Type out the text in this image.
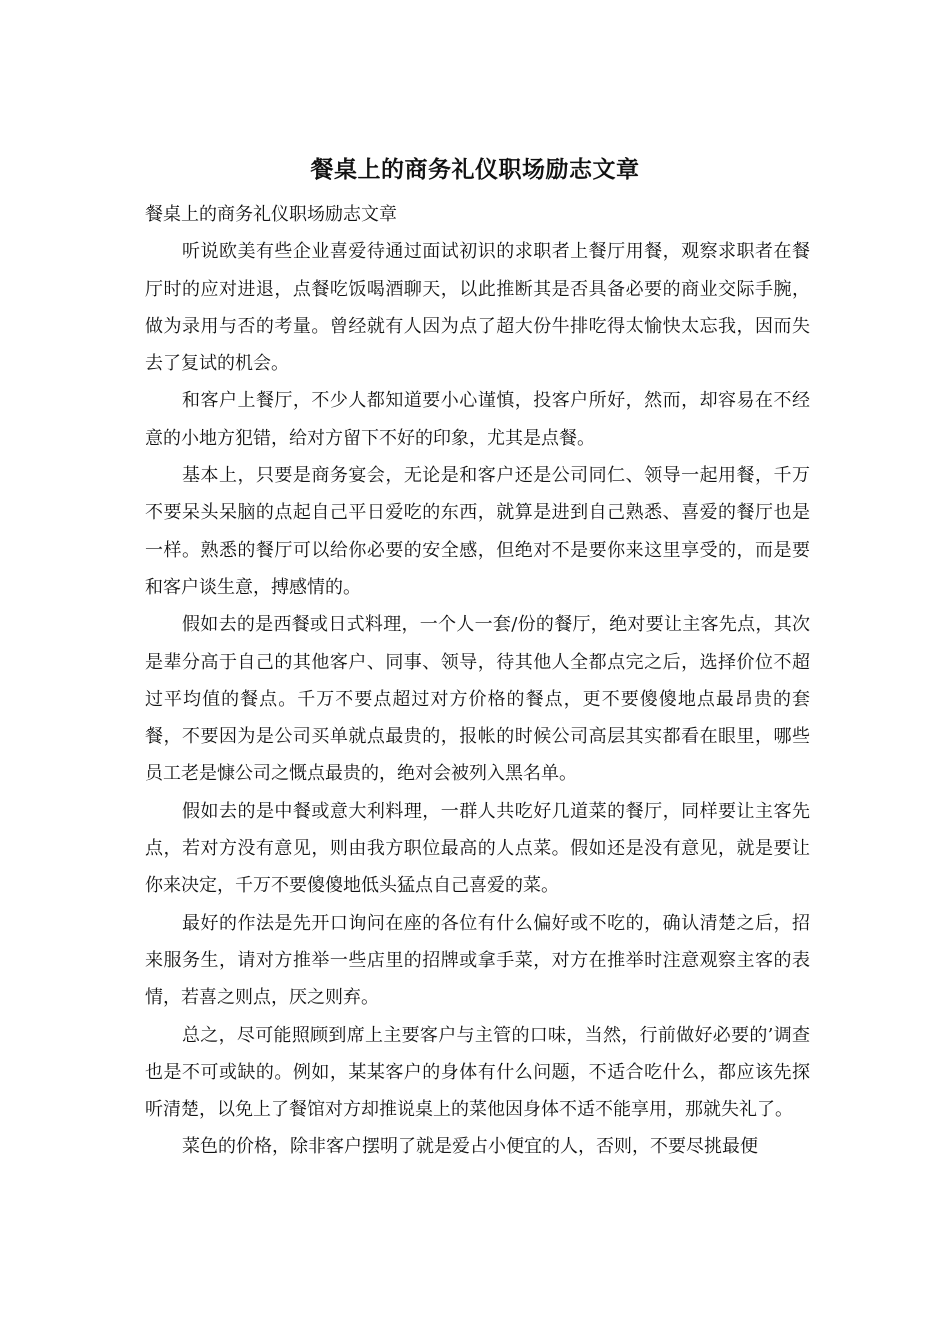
餐桌上的商务礼仪职场励志文章

餐桌上的商务礼仪职场励志文章

听说欧美有些企业喜爱待通过面试初识的求职者上餐厅用餐，观察求职者在餐厅时的应对进退，点餐吃饭喝酒聊天，以此推断其是否具备必要的商业交际手腕，做为录用与否的考量。曾经就有人因为点了超大份牛排吃得太愉快太忘我，因而失去了复试的机会。

和客户上餐厅，不少人都知道要小心谨慎，投客户所好，然而，却容易在不经意的小地方犯错，给对方留下不好的印象，尤其是点餐。

基本上，只要是商务宴会，无论是和客户还是公司同仁、领导一起用餐，千万不要呆头呆脑的点起自己平日爱吃的东西，就算是进到自己熟悉、喜爱的餐厅也是一样。熟悉的餐厅可以给你必要的安全感，但绝对不是要你来这里享受的，而是要和客户谈生意，搏感情的。

假如去的是西餐或日式料理，一个人一套/份的餐厅，绝对要让主客先点，其次是辈分高于自己的其他客户、同事、领导，待其他人全都点完之后，选择价位不超过平均值的餐点。千万不要点超过对方价格的餐点，更不要傻傻地点最昂贵的套餐，不要因为是公司买单就点最贵的，报帐的时候公司高层其实都看在眼里，哪些员工老是慷公司之慨点最贵的，绝对会被列入黑名单。

假如去的是中餐或意大利料理，一群人共吃好几道菜的餐厅，同样要让主客先点，若对方没有意见，则由我方职位最高的人点菜。假如还是没有意见，就是要让你来决定，千万不要傻傻地低头猛点自己喜爱的菜。

最好的作法是先开口询问在座的各位有什么偏好或不吃的，确认清楚之后，招来服务生，请对方推举一些店里的招牌或拿手菜，对方在推举时注意观察主客的表情，若喜之则点，厌之则弃。

总之，尽可能照顾到席上主要客户与主管的口味，当然，行前做好必要的’调查也是不可或缺的。例如，某某客户的身体有什么问题，不适合吃什么，都应该先探听清楚，以免上了餐馆对方却推说桌上的菜他因身体不适不能享用，那就失礼了。

菜色的价格，除非客户摆明了就是爱占小便宜的人，否则，不要尽挑最便
